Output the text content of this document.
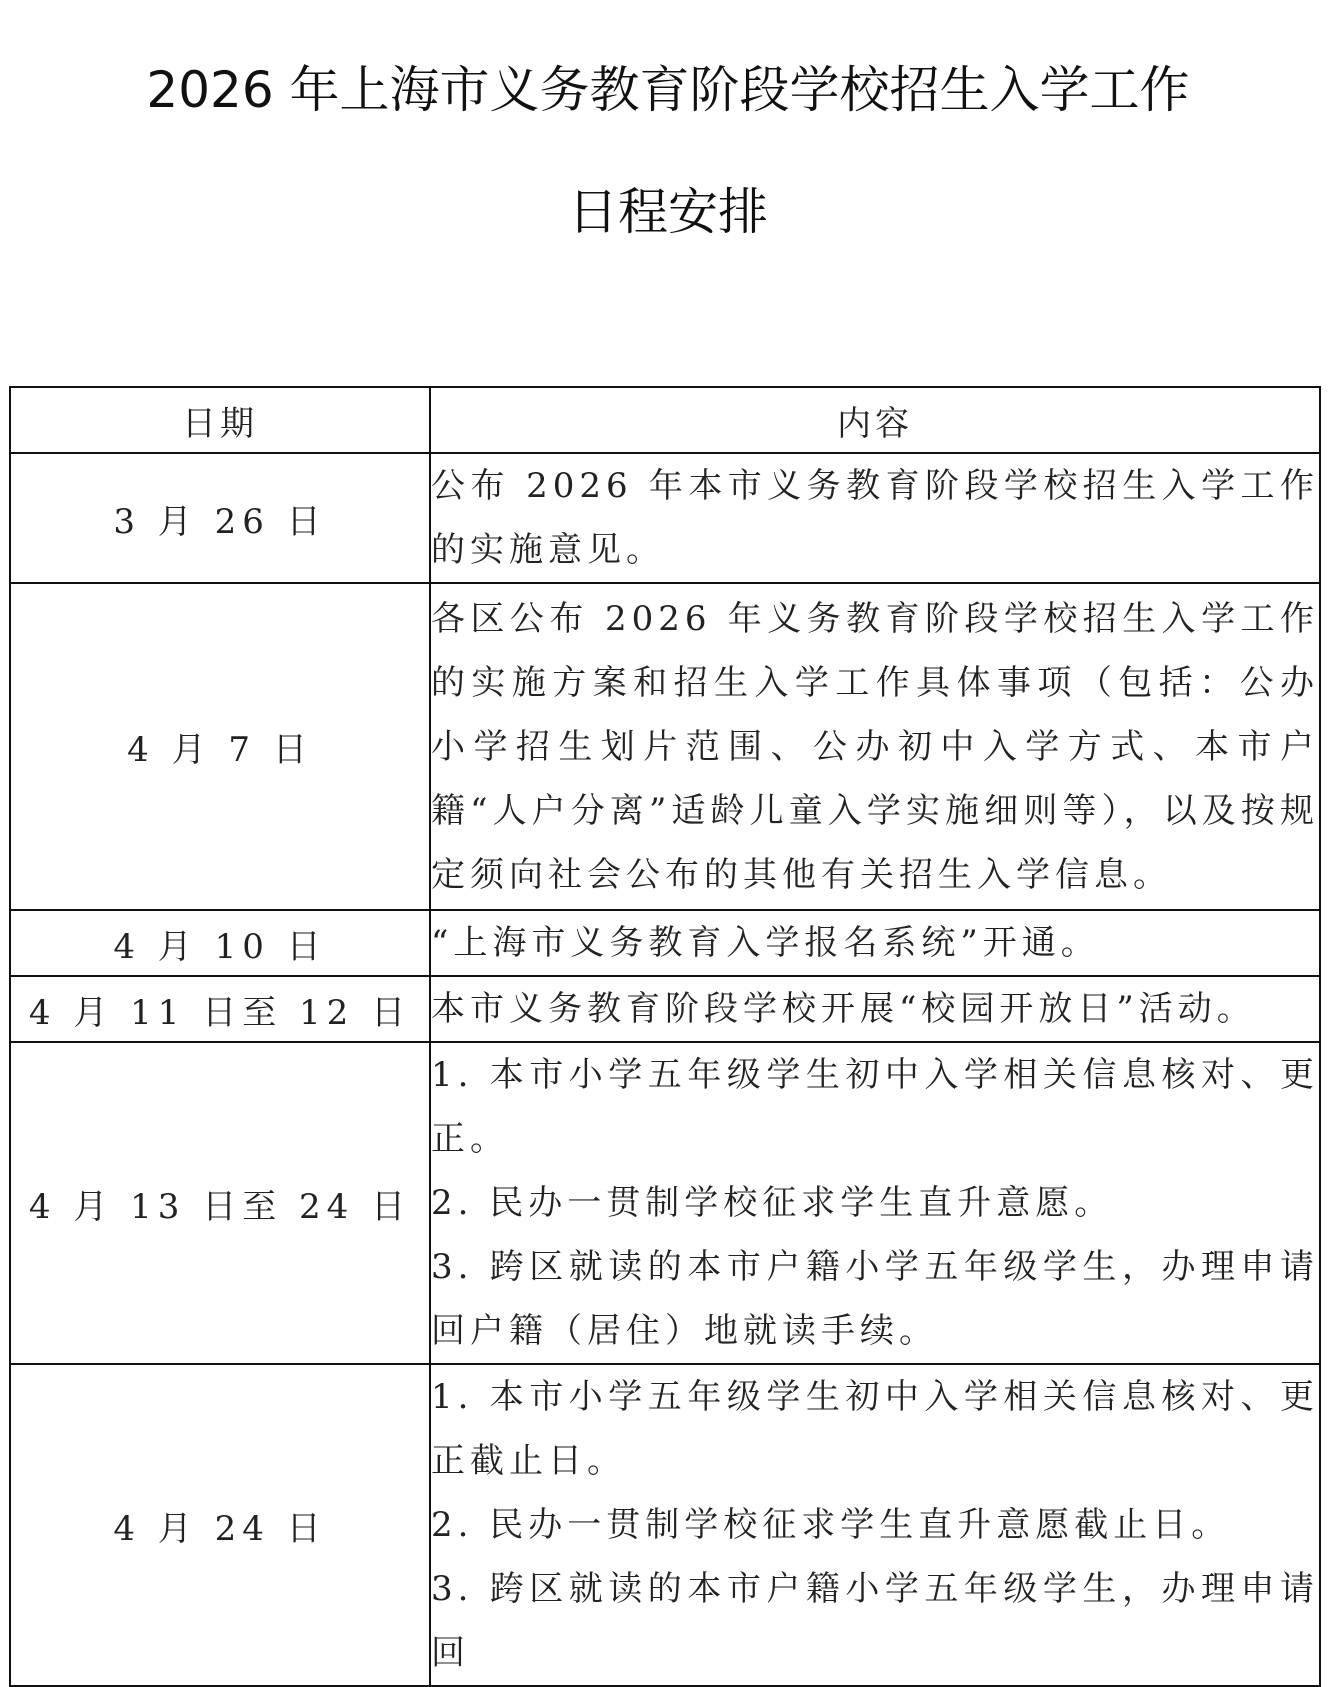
2026 年上海市义务教育阶段学校招生入学工作
日程安排
日期	内容
3 月 26 日	公布 2026 年本市义务教育阶段学校招生入学工作的实施意见。

4 月 7 日	各区公布 2026 年义务教育阶段学校招生入学工作的实施方案和招生入学工作具体事项（包括：公办小学招生划片范围、公办初中入学方式、本市户籍“人户分离”适龄儿童入学实施细则等），以及按规定须向社会公布的其他有关招生入学信息。

4 月 10 日	“上海市义务教育入学报名系统”开通。

4 月 11 日至 12 日	本市义务教育阶段学校开展“校园开放日”活动。

4 月 13 日至 24 日	1. 本市小学五年级学生初中入学相关信息核对、更正。
2. 民办一贯制学校征求学生直升意愿。
3. 跨区就读的本市户籍小学五年级学生，办理申请回户籍（居住）地就读手续。

4 月 24 日	1. 本市小学五年级学生初中入学相关信息核对、更正截止日。
2. 民办一贯制学校征求学生直升意愿截止日。
3. 跨区就读的本市户籍小学五年级学生，办理申请回
